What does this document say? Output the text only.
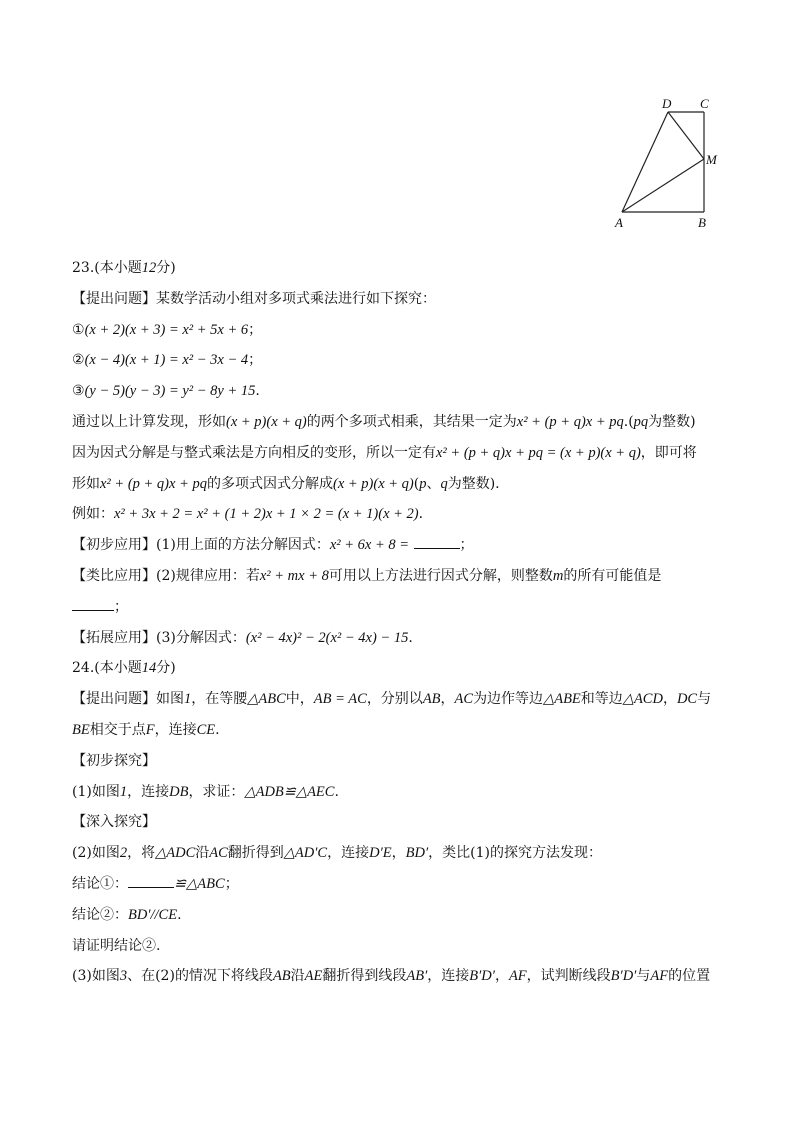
D C
M
A	B
23.(本小题12分)
【提出问题】某数学活动小组对多项式乘法进行如下探究：
①(x + 2)(x + 3) = x² + 5x + 6；
②(x − 4)(x + 1) = x² − 3x − 4；
③(y − 5)(y − 3) = y² − 8y + 15.
通过以上计算发现，形如(x + p)(x + q)的两个多项式相乘，其结果一定为x² + (p + q)x + pq.(pq为整数)
因为因式分解是与整式乘法是方向相反的变形，所以一定有x² + (p + q)x + pq = (x + p)(x + q)，即可将
形如x² + (p + q)x + pq的多项式因式分解成(x + p)(x + q)(p、q为整数).
例如：x² + 3x + 2 = x² + (1 + 2)x + 1 × 2 = (x + 1)(x + 2).
【初步应用】(1)用上面的方法分解因式：x² + 6x + 8 =	；
【类比应用】(2)规律应用：若x² + mx + 8可用以上方法进行因式分解，则整数m的所有可能值是
；
【拓展应用】(3)分解因式：(x² − 4x)² − 2(x² − 4x) − 15.
24.(本小题14分)
【提出问题】如图1，在等腰△ABC中，AB = AC，分别以AB，AC为边作等边△ABE和等边△ACD，DC与
BE相交于点F，连接CE.
【初步探究】
(1)如图1，连接DB，求证：△ADB≌△AEC.
【深入探究】
(2)如图2，将△ADC沿AC翻折得到△AD′C，连接D′E，BD′，类比(1)的探究方法发现：
结论①：	≌△ABC；
结论②：BD′//CE.
请证明结论②.
(3)如图3、在(2)的情况下将线段AB沿AE翻折得到线段AB′，连接B′D′，AF，试判断线段B′D′与AF的位置
